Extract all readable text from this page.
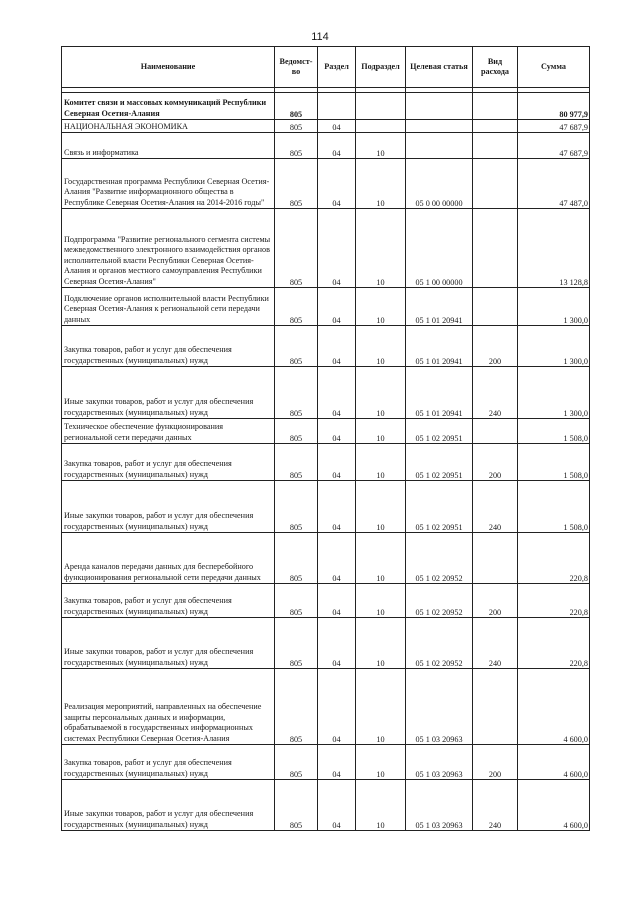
114
Наименование	Ведомст-во	Раздел	Подраздел	Целевая статья	Вид расхода	Сумма

Комитет связи и массовых коммуникаций Республики Северная Осетия-Алания	805					80 977,9
НАЦИОНАЛЬНАЯ ЭКОНОМИКА	805	04				47 687,9
Связь и информатика	805	04	10			47 687,9
Государственная программа Республики Северная Осетия-Алания "Развитие информационного общества в Республике Северная Осетия-Алания на 2014-2016 годы"	805	04	10	05 0 00 00000		47 487,0
Подпрограмма "Развитие регионального сегмента системы межведомственного электронного взаимодействия органов исполнительной власти Республики Северная Осетия-Алания и органов местного самоуправления Республики Северная Осетия-Алания"	805	04	10	05 1 00 00000		13 128,8
Подключение органов исполнительной власти Республики Северная Осетия-Алания к региональной сети передачи данных	805	04	10	05 1 01 20941		1 300,0
Закупка товаров, работ и услуг для обеспечения государственных (муниципальных) нужд	805	04	10	05 1 01 20941	200	1 300,0
Иные закупки товаров, работ и услуг для обеспечения государственных (муниципальных) нужд	805	04	10	05 1 01 20941	240	1 300,0
Техническое обеспечение функционирования региональной сети передачи данных	805	04	10	05 1 02 20951		1 508,0
Закупка товаров, работ и услуг для обеспечения государственных (муниципальных) нужд	805	04	10	05 1 02 20951	200	1 508,0
Иные закупки товаров, работ и услуг для обеспечения государственных (муниципальных) нужд	805	04	10	05 1 02 20951	240	1 508,0
Аренда каналов передачи данных для бесперебойного функционирования региональной сети передачи данных	805	04	10	05 1 02 20952		220,8
Закупка товаров, работ и услуг для обеспечения государственных (муниципальных) нужд	805	04	10	05 1 02 20952	200	220,8
Иные закупки товаров, работ и услуг для обеспечения государственных (муниципальных) нужд	805	04	10	05 1 02 20952	240	220,8
Реализация мероприятий, направленных на обеспечение защиты персональных данных и информации, обрабатываемой в государственных информационных системах Республики Северная Осетия-Алания	805	04	10	05 1 03 20963		4 600,0
Закупка товаров, работ и услуг для обеспечения государственных (муниципальных) нужд	805	04	10	05 1 03 20963	200	4 600,0
Иные закупки товаров, работ и услуг для обеспечения государственных (муниципальных) нужд	805	04	10	05 1 03 20963	240	4 600,0
